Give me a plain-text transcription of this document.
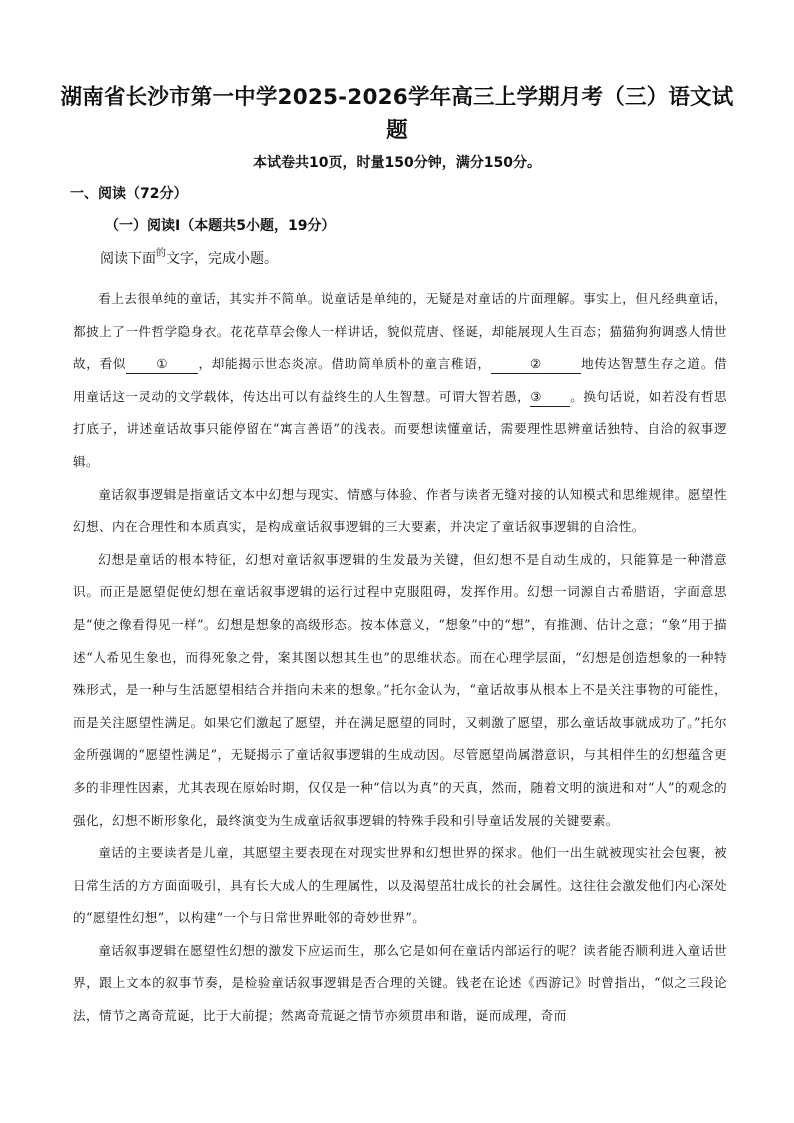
湖南省长沙市第一中学2025-2026学年高三上学期月考（三）语文试
题
本试卷共10页，时量150分钟，满分150分。
一、阅读（72分）
（一）阅读Ⅰ（本题共5小题，19分）
阅读下面$^的$文字，完成小题。

看上去很单纯的童话，其实并不简单。说童话是单纯的，无疑是对童话的片面理解。事实上，但凡经典童话，都披上了一件哲学隐身衣。花花草草会像人一样讲话，貌似荒唐、怪诞，却能展现人生百态；猫猫狗狗调惑人情世故，看似 ① ，却能揭示世态炎凉。借助简单质朴的童言稚语，	②	地传达智慧生存之道。借用童话这一灵动的文学载体，传达出可以有益终生的人生智慧。可谓大智若愚，③ 。换句话说，如若没有哲思打底子，讲述童话故事只能停留在“寓言善语”的浅表。而要想读懂童话，需要理性思辨童话独特、自洽的叙事逻辑。

童话叙事逻辑是指童话文本中幻想与现实、情感与体验、作者与读者无缝对接的认知模式和思维规律。愿望性幻想、内在合理性和本质真实，是构成童话叙事逻辑的三大要素，并决定了童话叙事逻辑的自洽性。

幻想是童话的根本特征，幻想对童话叙事逻辑的生发最为关键，但幻想不是自动生成的，只能算是一种潜意识。而正是愿望促使幻想在童话叙事逻辑的运行过程中克服阻碍，发挥作用。幻想一词源自古希腊语，字面意思是“使之像看得见一样”。幻想是想象的高级形态。按本体意义，“想象”中的“想”，有推测、估计之意；“象”用于描述“人希见生象也，而得死象之骨，案其图以想其生也”的思维状态。而在心理学层面，“幻想是创造想象的一种特殊形式，是一种与生活愿望相结合并指向未来的想象。”托尔金认为，“童话故事从根本上不是关注事物的可能性，而是关注愿望性满足。如果它们激起了愿望，并在满足愿望的同时，又刺激了愿望，那么童话故事就成功了。”托尔金所强调的“愿望性满足”，无疑揭示了童话叙事逻辑的生成动因。尽管愿望尚属潜意识，与其相伴生的幻想蕴含更多的非理性因素，尤其表现在原始时期，仅仅是一种“信以为真”的天真，然而，随着文明的演进和对“人”的观念的强化，幻想不断形象化，最终演变为生成童话叙事逻辑的特殊手段和引导童话发展的关键要素。

童话的主要读者是儿童，其愿望主要表现在对现实世界和幻想世界的探求。他们一出生就被现实社会包裹，被日常生活的方方面面吸引，具有长大成人的生理属性，以及渴望茁壮成长的社会属性。这往往会激发他们内心深处的“愿望性幻想”，以构建“一个与日常世界毗邻的奇妙世界”。

童话叙事逻辑在愿望性幻想的激发下应运而生，那么它是如何在童话内部运行的呢？读者能否顺利进入童话世界，跟上文本的叙事节奏，是检验童话叙事逻辑是否合理的关键。钱老在论述《西游记》时曾指出，“似之三段论法，情节之离奇荒诞，比于大前提；然离奇荒诞之情节亦须贯串和谐，诞而成理，奇而
